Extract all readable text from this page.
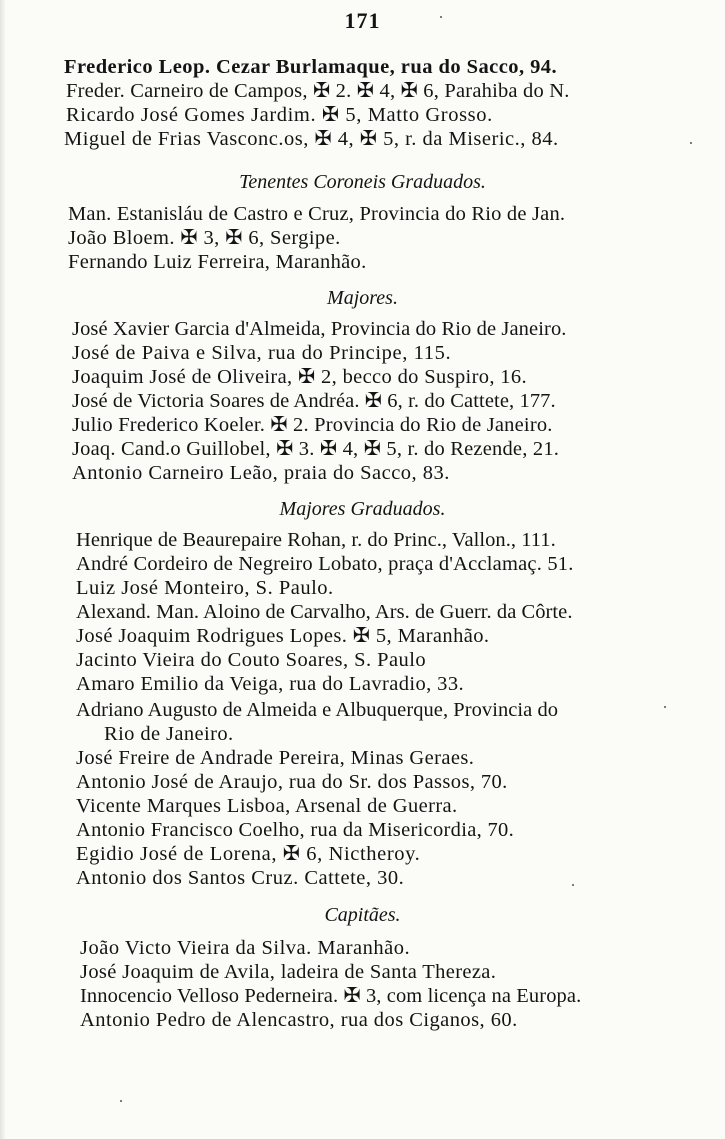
171
Frederico Leop. Cezar Burlamaque, rua do Sacco, 94.
Freder. Carneiro de Campos, ✠ 2. ✠ 4, ✠ 6, Parahiba do N.
Ricardo José Gomes Jardim. ✠ 5, Matto Grosso.
Miguel de Frias Vasconc.os, ✠ 4, ✠ 5, r. da Miseric., 84.
Tenentes Coroneis Graduados.
Man. Estanisláu de Castro e Cruz, Provincia do Rio de Jan.
João Bloem. ✠ 3, ✠ 6, Sergipe.
Fernando Luiz Ferreira, Maranhão.
Majores.
José Xavier Garcia d'Almeida, Provincia do Rio de Janeiro.
José de Paiva e Silva, rua do Principe, 115.
Joaquim José de Oliveira, ✠ 2, becco do Suspiro, 16.
José de Victoria Soares de Andréa. ✠ 6, r. do Cattete, 177.
Julio Frederico Koeler. ✠ 2. Provincia do Rio de Janeiro.
Joaq. Cand.o Guillobel, ✠ 3. ✠ 4, ✠ 5, r. do Rezende, 21.
Antonio Carneiro Leão, praia do Sacco, 83.
Majores Graduados.
Henrique de Beaurepaire Rohan, r. do Princ., Vallon., 111.
André Cordeiro de Negreiro Lobato, praça d'Acclamaç. 51.
Luiz José Monteiro, S. Paulo.
Alexand. Man. Aloino de Carvalho, Ars. de Guerr. da Côrte.
José Joaquim Rodrigues Lopes. ✠ 5, Maranhão.
Jacinto Vieira do Couto Soares, S. Paulo
Amaro Emilio da Veiga, rua do Lavradio, 33.
Adriano Augusto de Almeida e Albuquerque, Provincia do
Rio de Janeiro.
José Freire de Andrade Pereira, Minas Geraes.
Antonio José de Araujo, rua do Sr. dos Passos, 70.
Vicente Marques Lisboa, Arsenal de Guerra.
Antonio Francisco Coelho, rua da Misericordia, 70.
Egidio José de Lorena, ✠ 6, Nictheroy.
Antonio dos Santos Cruz. Cattete, 30.
Capitães.
João Victo Vieira da Silva. Maranhão.
José Joaquim de Avila, ladeira de Santa Thereza.
Innocencio Velloso Pederneira. ✠ 3, com licença na Europa.
Antonio Pedro de Alencastro, rua dos Ciganos, 60.
